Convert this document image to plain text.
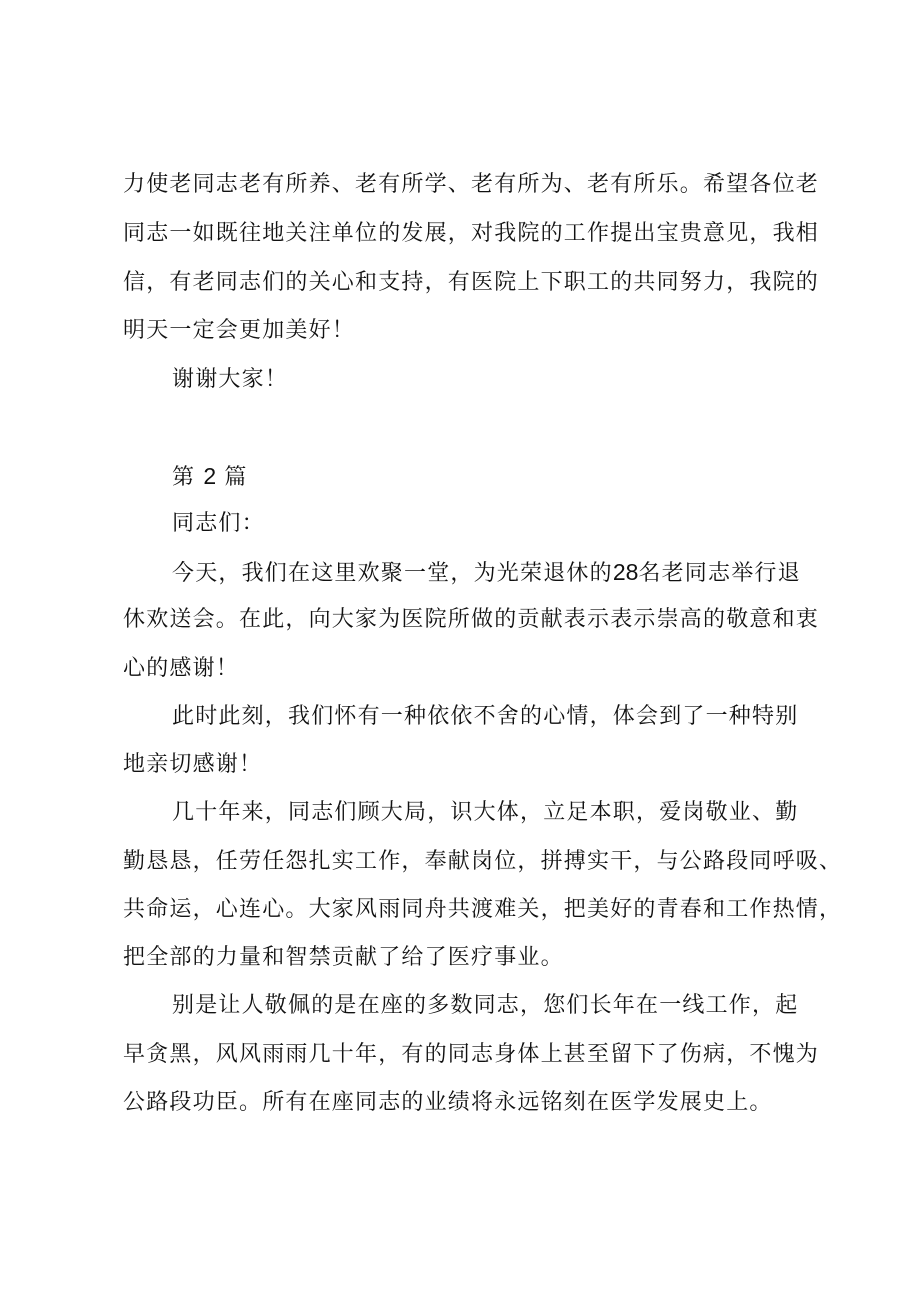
力使老同志老有所养、老有所学、老有所为、老有所乐。希望各位老
同志一如既往地关注单位的发展，对我院的工作提出宝贵意见，我相
信，有老同志们的关心和支持，有医院上下职工的共同努力，我院的
明天一定会更加美好！
谢谢大家！
第 2 篇
同志们：
今天，我们在这里欢聚一堂，为光荣退休的28名老同志举行退
休欢送会。在此，向大家为医院所做的贡献表示表示崇高的敬意和衷
心的感谢！
此时此刻，我们怀有一种依依不舍的心情，体会到了一种特别
地亲切感谢！
几十年来，同志们顾大局，识大体，立足本职，爱岗敬业、勤
勤恳恳，任劳任怨扎实工作，奉献岗位，拼搏实干，与公路段同呼吸、
共命运，心连心。大家风雨同舟共渡难关，把美好的青春和工作热情，
把全部的力量和智禁贡献了给了医疗事业。
别是让人敬佩的是在座的多数同志，您们长年在一线工作，起
早贪黑，风风雨雨几十年，有的同志身体上甚至留下了伤病，不愧为
公路段功臣。所有在座同志的业绩将永远铭刻在医学发展史上。
